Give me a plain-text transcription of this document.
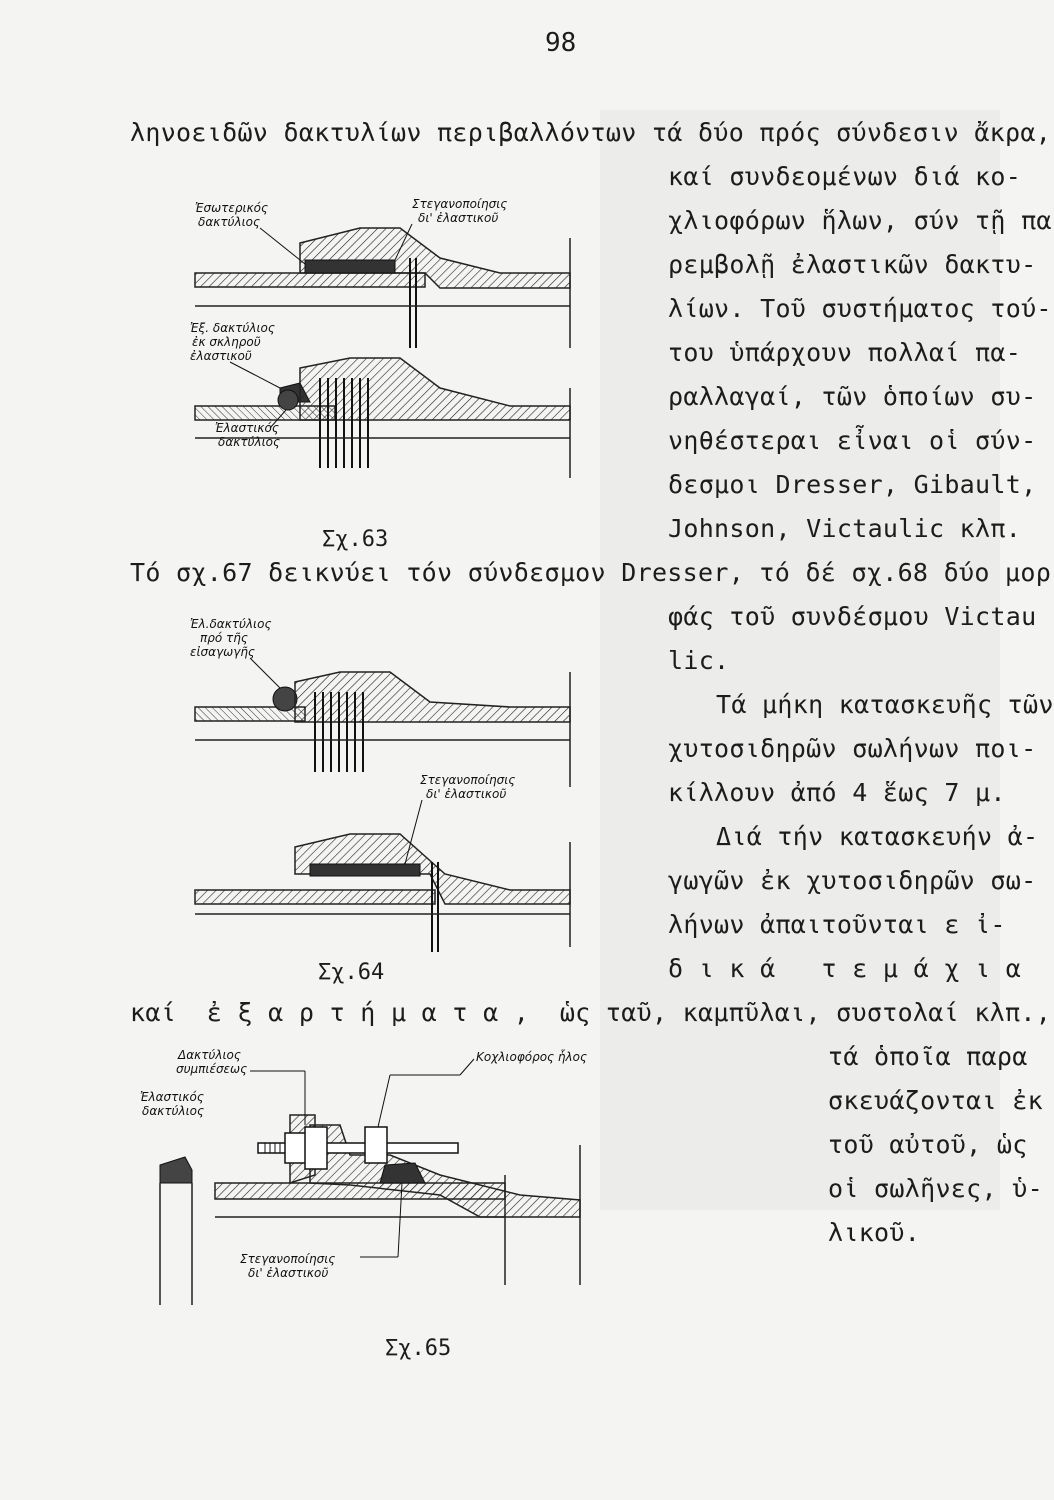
98
ληνοειδῶν δακτυλίων περιβαλλόντων τά δύο πρός σύνδεσιν ἄκρα,
καί συνδεομένων διά κο-
χλιοφόρων ἥλων, σύν τῇ πα
ρεμβολῇ ἐλαστικῶν δακτυ-
λίων. Τοῦ συστήματος τού-
του ὑπάρχουν πολλαί πα-
ραλλαγαί, τῶν ὁποίων συ-
νηθέστεραι εἶναι οἱ σύν-
δεσμοι Dresser, Gibault,
Johnson, Victaulic κλπ.
Τό σχ.67 δεικνύει τόν σύνδεσμον Dresser, τό δέ σχ.68 δύο μορ
φάς τοῦ συνδέσμου Victau
lic.
Τά μήκη κατασκευῆς τῶν
χυτοσιδηρῶν σωλήνων ποι-
κίλλουν ἀπό 4 ἕως 7 μ.
Διά τήν κατασκευήν ἀ-
γωγῶν ἐκ χυτοσιδηρῶν σω-
λήνων ἀπαιτοῦνται ε ἰ-
δ ι κ ά   τ ε μ ά χ ι α
καί  ἐ ξ α ρ τ ή μ α τ α ,  ὡς ταῦ, καμπῦλαι, συστολαί κλπ.,
τά ὁποῖα παρα
σκευάζονται ἐκ
τοῦ αὐτοῦ, ὡς
οἱ σωλῆνες, ὑ-
λικοῦ.
Σχ.63
Σχ.64
Σχ.65
Ἐσωτερικός
δακτύλιος
Στεγανοποίησις
δι' ἐλαστικοῦ
Ἐξ. δακτύλιος
ἐκ σκληροῦ
ἐλαστικοῦ
Ἐλαστικός
δακτύλιος
Ἐλ.δακτύλιος
πρό τῆς
εἰσαγωγῆς
Στεγανοποίησις
δι' ἐλαστικοῦ
Δακτύλιος
συμπιέσεως
Κοχλιοφόρος ἧλος
Ἐλαστικός
δακτύλιος
Στεγανοποίησις
δι' ἐλαστικοῦ
